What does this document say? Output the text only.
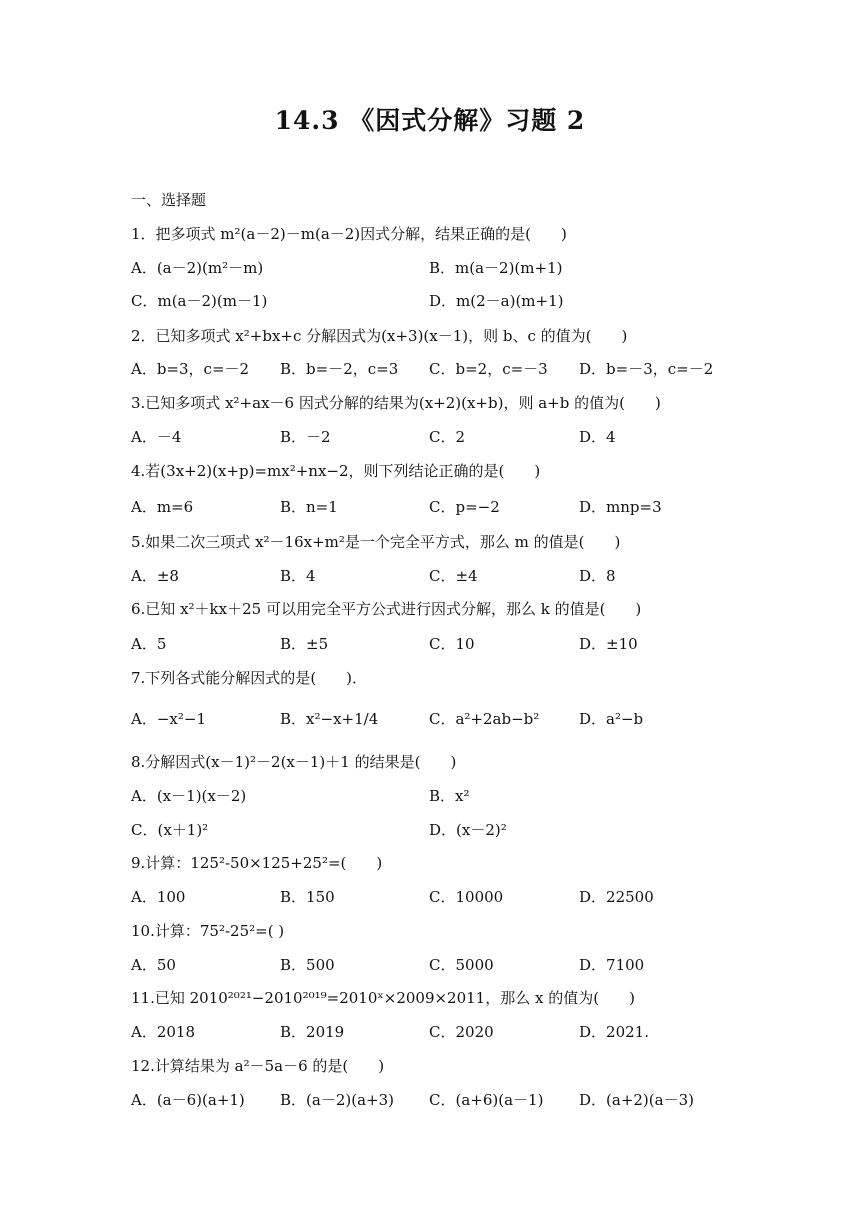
14.3 《因式分解》习题 2
一、选择题
1．把多项式 m²(a－2)－m(a－2)因式分解，结果正确的是(　　)
A．(a－2)(m²－m)	B．m(a－2)(m+1)
C．m(a－2)(m－1)	D．m(2－a)(m+1)
2．已知多项式 x²+bx+c 分解因式为(x+3)(x－1)，则 b、c 的值为(　　)
A．b=3，c=－2 B．b=－2，c=3 C．b=2，c=－3 D．b=－3，c=－2
3.已知多项式 x²+ax－6 因式分解的结果为(x+2)(x+b)，则 a+b 的值为(　　)
A．－4	B．－2	C．2	D．4
4.若(3x+2)(x+p)=mx²+nx−2，则下列结论正确的是(　　)
A．m=6	B．n=1	C．p=−2	D．mnp=3
5.如果二次三项式 x²－16x+m²是一个完全平方式，那么 m 的值是(　　)
A．±8	B．4	C．±4	D．8
6.已知 x²＋kx＋25 可以用完全平方公式进行因式分解，那么 k 的值是(　　)
A．5	B．±5	C．10	D．±10
7.下列各式能分解因式的是(　　)．
A．−x²−1	B．x²−x+1/4	C．a²+2ab−b²	D．a²−b
8.分解因式(x－1)²－2(x－1)＋1 的结果是(　　)
A．(x－1)(x－2)	B．x²
C．(x＋1)²	D．(x－2)²
9.计算：125²-50×125+25²=(　　)
A．100	B．150	C．10000	D．22500
10.计算：75²-25²=( )
A．50	B．500	C．5000	D．7100
11.已知 2010²⁰²¹−2010²⁰¹⁹=2010ˣ×2009×2011，那么 x 的值为(　　)
A．2018	B．2019	C．2020	D．2021.
12.计算结果为 a²－5a－6 的是(　　)
A．(a－6)(a+1) B．(a－2)(a+3) C．(a+6)(a－1) D．(a+2)(a－3)
